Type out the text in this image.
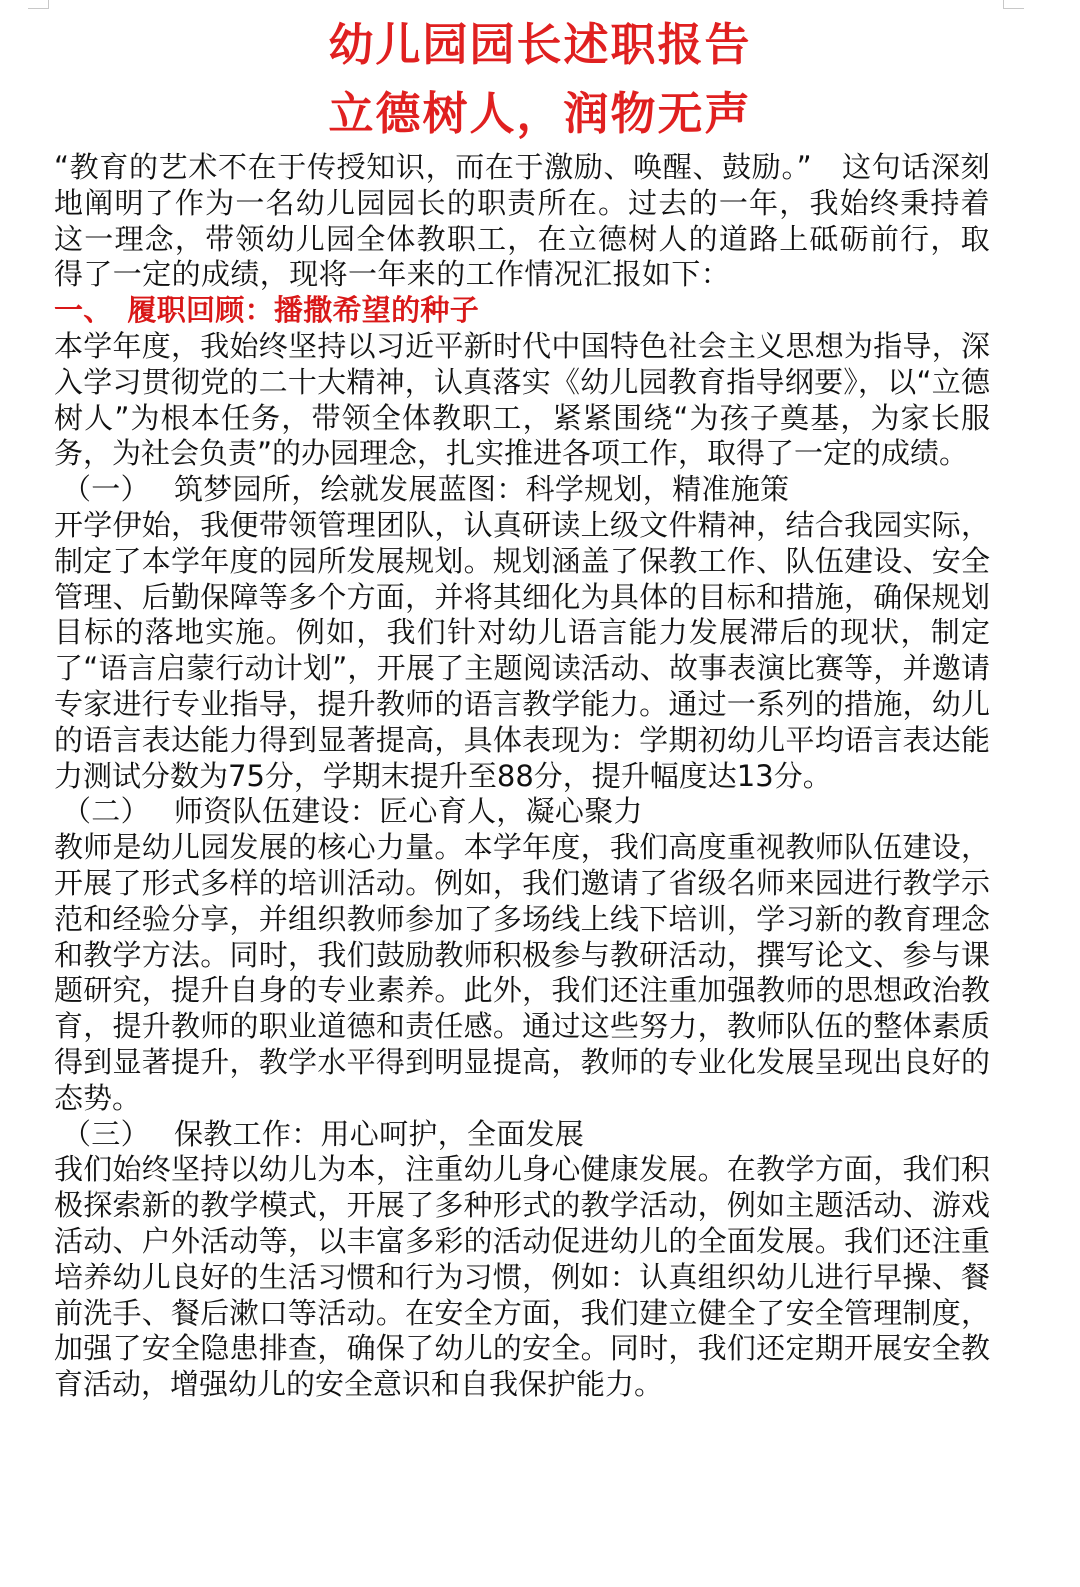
幼儿园园长述职报告
立德树人，润物无声

“教育的艺术不在于传授知识，而在于激励、唤醒、鼓励。”　这句话深刻地阐明了作为一名幼儿园园长的职责所在。过去的一年，我始终秉持着这一理念，带领幼儿园全体教职工，在立德树人的道路上砥砺前行，取得了一定的成绩，现将一年来的工作情况汇报如下：

一、　履职回顾：播撒希望的种子

本学年度，我始终坚持以习近平新时代中国特色社会主义思想为指导，深入学习贯彻党的二十大精神，认真落实《幼儿园教育指导纲要》，以“立德树人”为根本任务，带领全体教职工，紧紧围绕“为孩子奠基，为家长服务，为社会负责”的办园理念，扎实推进各项工作，取得了一定的成绩。

（一） 筑梦园所，绘就发展蓝图：科学规划，精准施策

开学伊始，我便带领管理团队，认真研读上级文件精神，结合我园实际，制定了本学年度的园所发展规划。规划涵盖了保教工作、队伍建设、安全管理、后勤保障等多个方面，并将其细化为具体的目标和措施，确保规划目标的落地实施。例如，我们针对幼儿语言能力发展滞后的现状，制定了“语言启蒙行动计划”，开展了主题阅读活动、故事表演比赛等，并邀请专家进行专业指导，提升教师的语言教学能力。通过一系列的措施，幼儿的语言表达能力得到显著提高，具体表现为：学期初幼儿平均语言表达能力测试分数为75分，学期末提升至88分，提升幅度达13分。

（二） 师资队伍建设：匠心育人，凝心聚力

教师是幼儿园发展的核心力量。本学年度，我们高度重视教师队伍建设，开展了形式多样的培训活动。例如，我们邀请了省级名师来园进行教学示范和经验分享，并组织教师参加了多场线上线下培训，学习新的教育理念和教学方法。同时，我们鼓励教师积极参与教研活动，撰写论文、参与课题研究，提升自身的专业素养。此外，我们还注重加强教师的思想政治教育，提升教师的职业道德和责任感。通过这些努力，教师队伍的整体素质得到显著提升，教学水平得到明显提高，教师的专业化发展呈现出良好的态势。

（三） 保教工作：用心呵护，全面发展

我们始终坚持以幼儿为本，注重幼儿身心健康发展。在教学方面，我们积极探索新的教学模式，开展了多种形式的教学活动，例如主题活动、游戏活动、户外活动等，以丰富多彩的活动促进幼儿的全面发展。我们还注重培养幼儿良好的生活习惯和行为习惯，例如：认真组织幼儿进行早操、餐前洗手、餐后漱口等活动。在安全方面，我们建立健全了安全管理制度，加强了安全隐患排查，确保了幼儿的安全。同时，我们还定期开展安全教育活动，增强幼儿的安全意识和自我保护能力。
